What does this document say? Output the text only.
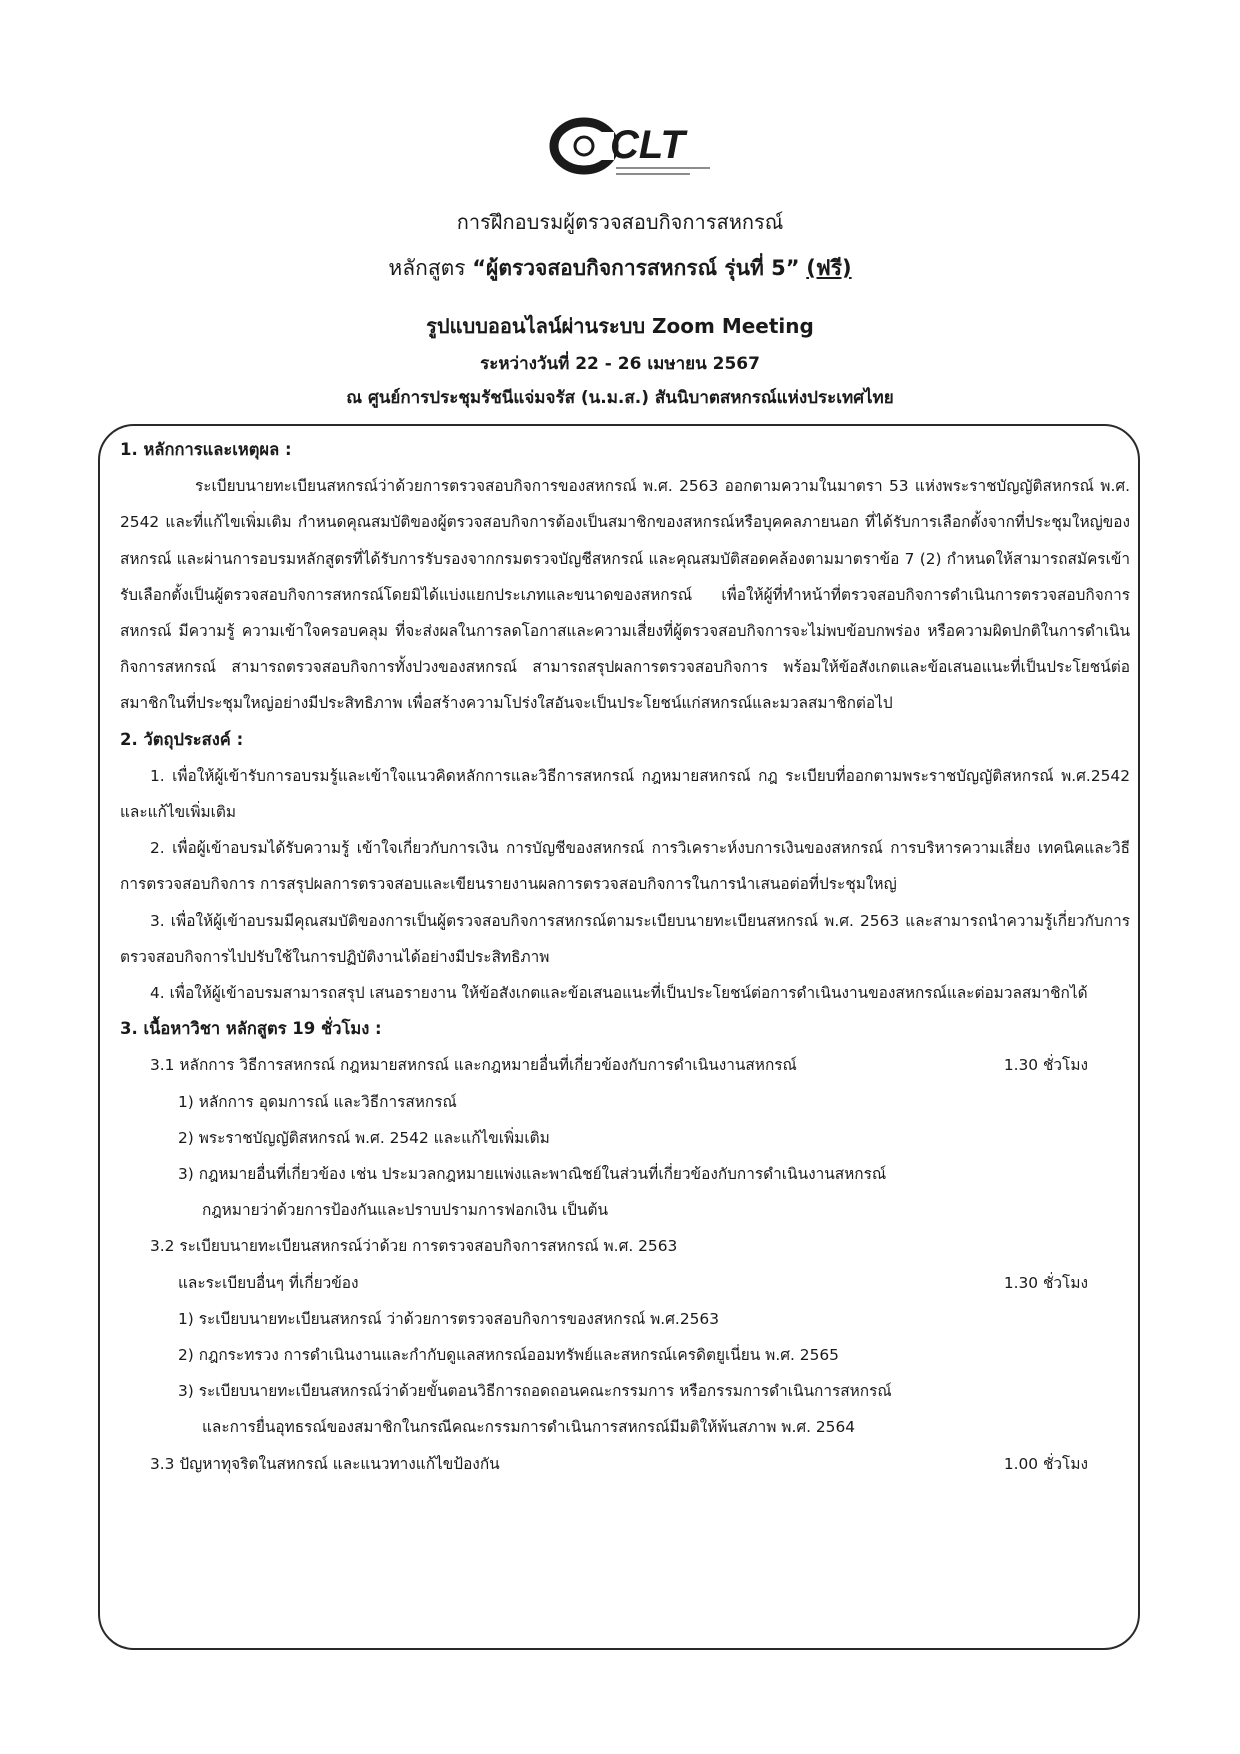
CLT
การฝึกอบรมผู้ตรวจสอบกิจการสหกรณ์
หลักสูตร “ผู้ตรวจสอบกิจการสหกรณ์ รุ่นที่ 5” (ฟรี)
รูปแบบออนไลน์ผ่านระบบ Zoom Meeting
ระหว่างวันที่ 22 - 26 เมษายน 2567
ณ ศูนย์การประชุมรัชนีแจ่มจรัส (น.ม.ส.) สันนิบาตสหกรณ์แห่งประเทศไทย

1. หลักการและเหตุผล :

ระเบียบนายทะเบียนสหกรณ์ว่าด้วยการตรวจสอบกิจการของสหกรณ์ พ.ศ. 2563 ออกตามความในมาตรา 53 แห่งพระราชบัญญัติสหกรณ์ พ.ศ. 2542 และที่แก้ไขเพิ่มเติม กำหนดคุณสมบัติของผู้ตรวจสอบกิจการต้องเป็นสมาชิกของสหกรณ์หรือบุคคลภายนอก ที่ได้รับการเลือกตั้งจากที่ประชุมใหญ่ของสหกรณ์ และผ่านการอบรมหลักสูตรที่ได้รับการรับรองจากกรมตรวจบัญชีสหกรณ์ และคุณสมบัติสอดคล้องตามมาตราข้อ 7 (2) กำหนดให้สามารถสมัครเข้ารับเลือกตั้งเป็นผู้ตรวจสอบกิจการสหกรณ์โดยมิได้แบ่งแยกประเภทและขนาดของสหกรณ์ เพื่อให้ผู้ที่ทำหน้าที่ตรวจสอบกิจการดำเนินการตรวจสอบกิจการสหกรณ์ มีความรู้ ความเข้าใจครอบคลุม ที่จะส่งผลในการลดโอกาสและความเสี่ยงที่ผู้ตรวจสอบกิจการจะไม่พบข้อบกพร่อง หรือความผิดปกติในการดำเนินกิจการสหกรณ์ สามารถตรวจสอบกิจการทั้งปวงของสหกรณ์ สามารถสรุปผลการตรวจสอบกิจการ พร้อมให้ข้อสังเกตและข้อเสนอแนะที่เป็นประโยชน์ต่อสมาชิกในที่ประชุมใหญ่อย่างมีประสิทธิภาพ เพื่อสร้างความโปร่งใสอันจะเป็นประโยชน์แก่สหกรณ์และมวลสมาชิกต่อไป

2. วัตถุประสงค์ :

1. เพื่อให้ผู้เข้ารับการอบรมรู้และเข้าใจแนวคิดหลักการและวิธีการสหกรณ์ กฎหมายสหกรณ์ กฎ ระเบียบที่ออกตามพระราชบัญญัติสหกรณ์ พ.ศ.2542 และแก้ไขเพิ่มเติม

2. เพื่อผู้เข้าอบรมได้รับความรู้ เข้าใจเกี่ยวกับการเงิน การบัญชีของสหกรณ์ การวิเคราะห์งบการเงินของสหกรณ์ การบริหารความเสี่ยง เทคนิคและวิธีการตรวจสอบกิจการ การสรุปผลการตรวจสอบและเขียนรายงานผลการตรวจสอบกิจการในการนำเสนอต่อที่ประชุมใหญ่

3. เพื่อให้ผู้เข้าอบรมมีคุณสมบัติของการเป็นผู้ตรวจสอบกิจการสหกรณ์ตามระเบียบนายทะเบียนสหกรณ์ พ.ศ. 2563 และสามารถนำความรู้เกี่ยวกับการตรวจสอบกิจการไปปรับใช้ในการปฏิบัติงานได้อย่างมีประสิทธิภาพ

4. เพื่อให้ผู้เข้าอบรมสามารถสรุป เสนอรายงาน ให้ข้อสังเกตและข้อเสนอแนะที่เป็นประโยชน์ต่อการดำเนินงานของสหกรณ์และต่อมวลสมาชิกได้

3. เนื้อหาวิชา หลักสูตร 19 ชั่วโมง :

3.1 หลักการ วิธีการสหกรณ์ กฎหมายสหกรณ์ และกฎหมายอื่นที่เกี่ยวข้องกับการดำเนินงานสหกรณ์	1.30 ชั่วโมง

1) หลักการ อุดมการณ์ และวิธีการสหกรณ์

2) พระราชบัญญัติสหกรณ์ พ.ศ. 2542 และแก้ไขเพิ่มเติม

3) กฎหมายอื่นที่เกี่ยวข้อง เช่น ประมวลกฎหมายแพ่งและพาณิชย์ในส่วนที่เกี่ยวข้องกับการดำเนินงานสหกรณ์

กฎหมายว่าด้วยการป้องกันและปราบปรามการฟอกเงิน เป็นต้น

3.2 ระเบียบนายทะเบียนสหกรณ์ว่าด้วย การตรวจสอบกิจการสหกรณ์ พ.ศ. 2563

และระเบียบอื่นๆ ที่เกี่ยวข้อง	1.30 ชั่วโมง

1) ระเบียบนายทะเบียนสหกรณ์ ว่าด้วยการตรวจสอบกิจการของสหกรณ์ พ.ศ.2563

2) กฎกระทรวง การดำเนินงานและกำกับดูแลสหกรณ์ออมทรัพย์และสหกรณ์เครดิตยูเนี่ยน พ.ศ. 2565

3) ระเบียบนายทะเบียนสหกรณ์ว่าด้วยขั้นตอนวิธีการถอดถอนคณะกรรมการ หรือกรรมการดำเนินการสหกรณ์

และการยื่นอุทธรณ์ของสมาชิกในกรณีคณะกรรมการดำเนินการสหกรณ์มีมติให้พ้นสภาพ พ.ศ. 2564

3.3 ปัญหาทุจริตในสหกรณ์ และแนวทางแก้ไขป้องกัน	1.00 ชั่วโมง
